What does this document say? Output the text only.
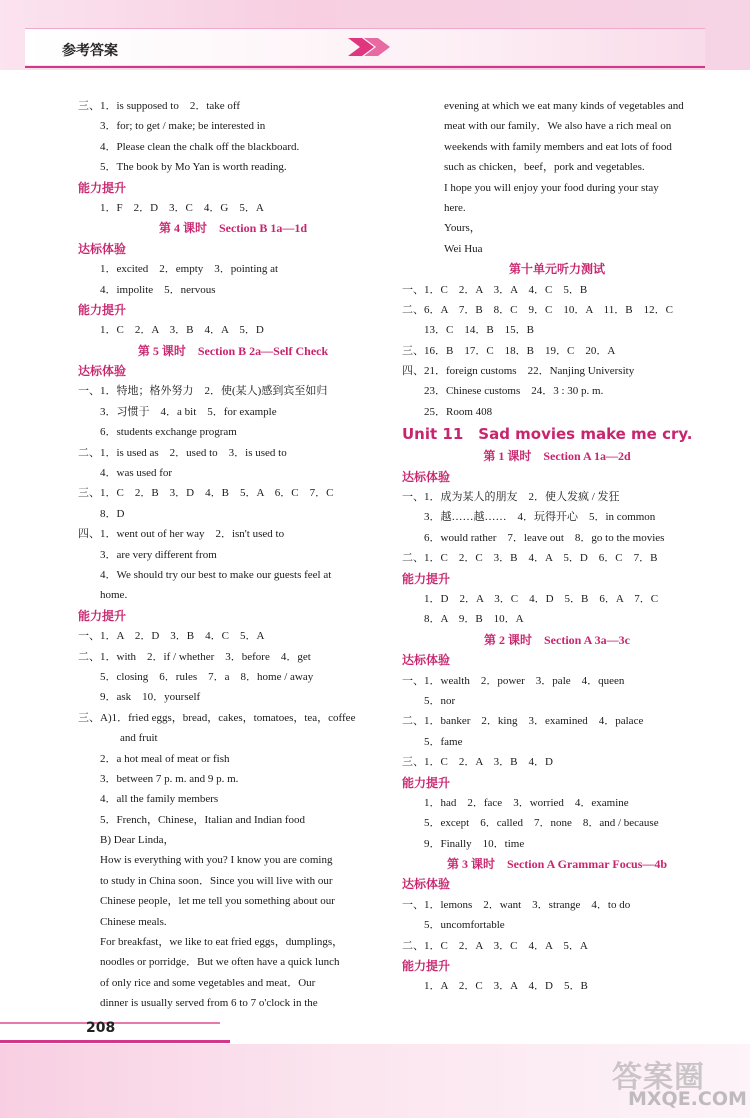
参考答案
三、1．is supposed to　2．take off
3．for; to get / make; be interested in
4．Please clean the chalk off the blackboard.
5．The book by Mo Yan is worth reading.
能力提升
1．F　2．D　3．C　4．G　5．A
第 4 课时　Section B 1a—1d
达标体验
1．excited　2．empty　3．pointing at
4．impolite　5．nervous
能力提升
1．C　2．A　3．B　4．A　5．D
第 5 课时　Section B 2a—Self Check
达标体验
一、1．特地；格外努力　2．使(某人)感到宾至如归
3．习惯于　4．a bit　5．for example
6．students exchange program
二、1．is used as　2．used to　3．is used to
4．was used for
三、1．C　2．B　3．D　4．B　5．A　6．C　7．C
8．D
四、1．went out of her way　2．isn't used to
3．are very different from
4．We should try our best to make our guests feel at
home.
能力提升
一、1．A　2．D　3．B　4．C　5．A
二、1．with　2．if / whether　3．before　4．get
5．closing　6．rules　7．a　8．home / away
9．ask　10．yourself
三、A)1．fried eggs，bread，cakes，tomatoes，tea，coffee
and fruit
2．a hot meal of meat or fish
3．between 7 p. m. and 9 p. m.
4．all the family members
5．French，Chinese，Italian and Indian food
B) Dear Linda，
How is everything with you? I know you are coming
to study in China soon．Since you will live with our
Chinese people，let me tell you something about our
Chinese meals.
For breakfast，we like to eat fried eggs，dumplings，
noodles or porridge．But we often have a quick lunch
of only rice and some vegetables and meat．Our
dinner is usually served from 6 to 7 o'clock in the
evening at which we eat many kinds of vegetables and
meat with our family．We also have a rich meal on
weekends with family members and eat lots of food
such as chicken，beef，pork and vegetables.
I hope you will enjoy your food during your stay
here.
Yours，
Wei Hua
第十单元听力测试
一、1．C　2．A　3．A　4．C　5．B
二、6．A　7．B　8．C　9．C　10．A　11．B　12．C
13．C　14．B　15．B
三、16．B　17．C　18．B　19．C　20．A
四、21．foreign customs　22．Nanjing University
23．Chinese customs　24．3 : 30 p. m.
25．Room 408
Unit 11　Sad movies make me cry.
第 1 课时　Section A 1a—2d
达标体验
一、1．成为某人的朋友　2．使人发疯 / 发狂
3．越……越……　4．玩得开心　5．in common
6．would rather　7．leave out　8．go to the movies
二、1．C　2．C　3．B　4．A　5．D　6．C　7．B
能力提升
1．D　2．A　3．C　4．D　5．B　6．A　7．C
8．A　9．B　10．A
第 2 课时　Section A 3a—3c
达标体验
一、1．wealth　2．power　3．pale　4．queen
5．nor
二、1．banker　2．king　3．examined　4．palace
5．fame
三、1．C　2．A　3．B　4．D
能力提升
1．had　2．face　3．worried　4．examine
5．except　6．called　7．none　8．and / because
9．Finally　10．time
第 3 课时　Section A Grammar Focus—4b
达标体验
一、1．lemons　2．want　3．strange　4．to do
5．uncomfortable
二、1．C　2．A　3．C　4．A　5．A
能力提升
1．A　2．C　3．A　4．D　5．B
208
答案圈
MXQE.COM
